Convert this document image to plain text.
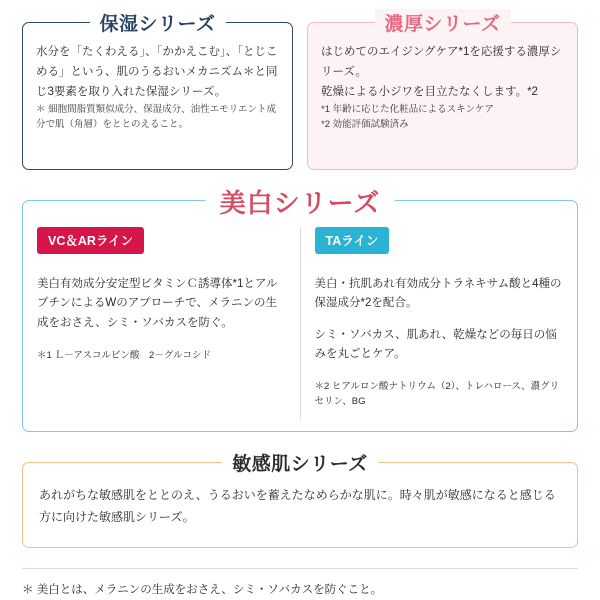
保湿シリーズ

水分を「たくわえる」、「かかえこむ」、「とじこめる」という、肌のうるおいメカニズム＊と同じ3要素を取り入れた保湿シリーズ。

＊ 細胞間脂質類似成分、保湿成分、油性エモリエント成分で肌（角層）をととのえること。

濃厚シリーズ

はじめてのエイジングケア*1を応援する濃厚シリーズ。

乾燥による小ジワを目立たなくします。*2

*1 年齢に応じた化粧品によるスキンケア

*2 効能評価試験済み

美白シリーズ
VC＆ARライン

美白有効成分安定型ビタミンＣ誘導体*1とアルブチンによるWのアプローチで、メラニンの生成をおさえ、シミ・ソバカスを防ぐ。

＊1 Ｌ－アスコルビン酸　2－グルコシド

TAライン

美白・抗肌あれ有効成分トラネキサム酸と4種の保湿成分*2を配合。

シミ・ソバカス、肌あれ、乾燥などの毎日の悩みを丸ごとケア。

＊2 ヒアルロン酸ナトリウム（2）、トレハロース、濃グリセリン、BG

敏感肌シリーズ

あれがちな敏感肌をととのえ、うるおいを蓄えたなめらかな肌に。時々肌が敏感になると感じる方に向けた敏感肌シリーズ。

＊ 美白とは、メラニンの生成をおさえ、シミ・ソバカスを防ぐこと。
